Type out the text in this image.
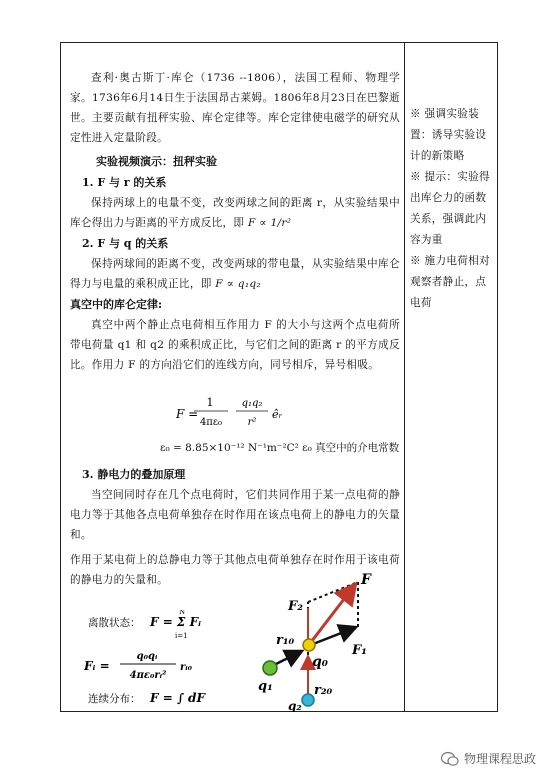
查利·奥古斯丁·库仑（1736 --1806），法国工程师、物理学家。1736年6月14日生于法国昂古莱姆。1806年8月23日在巴黎逝世。主要贡献有扭秤实验、库仑定律等。库仑定律使电磁学的研究从定性进入定量阶段。

实验视频演示：扭秤实验

1. F 与 r 的关系

保持两球上的电量不变，改变两球之间的距离 r，从实验结果中库仑得出力与距离的平方成反比，即 F ∝ 1/r²

2. F 与 q 的关系

保持两球间的距离不变，改变两球的带电量，从实验结果中库仑得力与电量的乘积成正比，即 F ∝ q₁q₂

真空中的库仑定律:

真空中两个静止点电荷相互作用力 F 的大小与这两个点电荷所带电荷量 q1 和 q2 的乘积成正比，与它们之间的距离 r 的平方成反比。作用力 F 的方向沿它们的连线方向，同号相斥，异号相吸。

F =
1
4πε₀
q₁q₂
r²
êᵣ
ε₀ = 8.85×10⁻¹² N⁻¹m⁻²C² ε₀ 真空中的介电常数

3. 静电力的叠加原理

当空间同时存在几个点电荷时，它们共同作用于某一点电荷的静电力等于其他各点电荷单独存在时作用在该点电荷上的静电力的矢量和。

作用于某电荷上的总静电力等于其他点电荷单独存在时作用于该电荷的静电力的矢量和。

离散状态： F = Σ Fᵢ
N
i=1
Fᵢ =
q₀qᵢ
4πε₀rᵢ²
rᵢ₀
连续分布： F = ∫ dF
F
F₂
F₁
r₁₀
q₀
q₁	r₂₀
q₂

※ 强调实验装置：诱导实验设计的新策略

※ 提示：实验得出库仑力的函数关系，强调此内容为重

※ 施力电荷相对观察者静止，点电荷

物理课程思政
